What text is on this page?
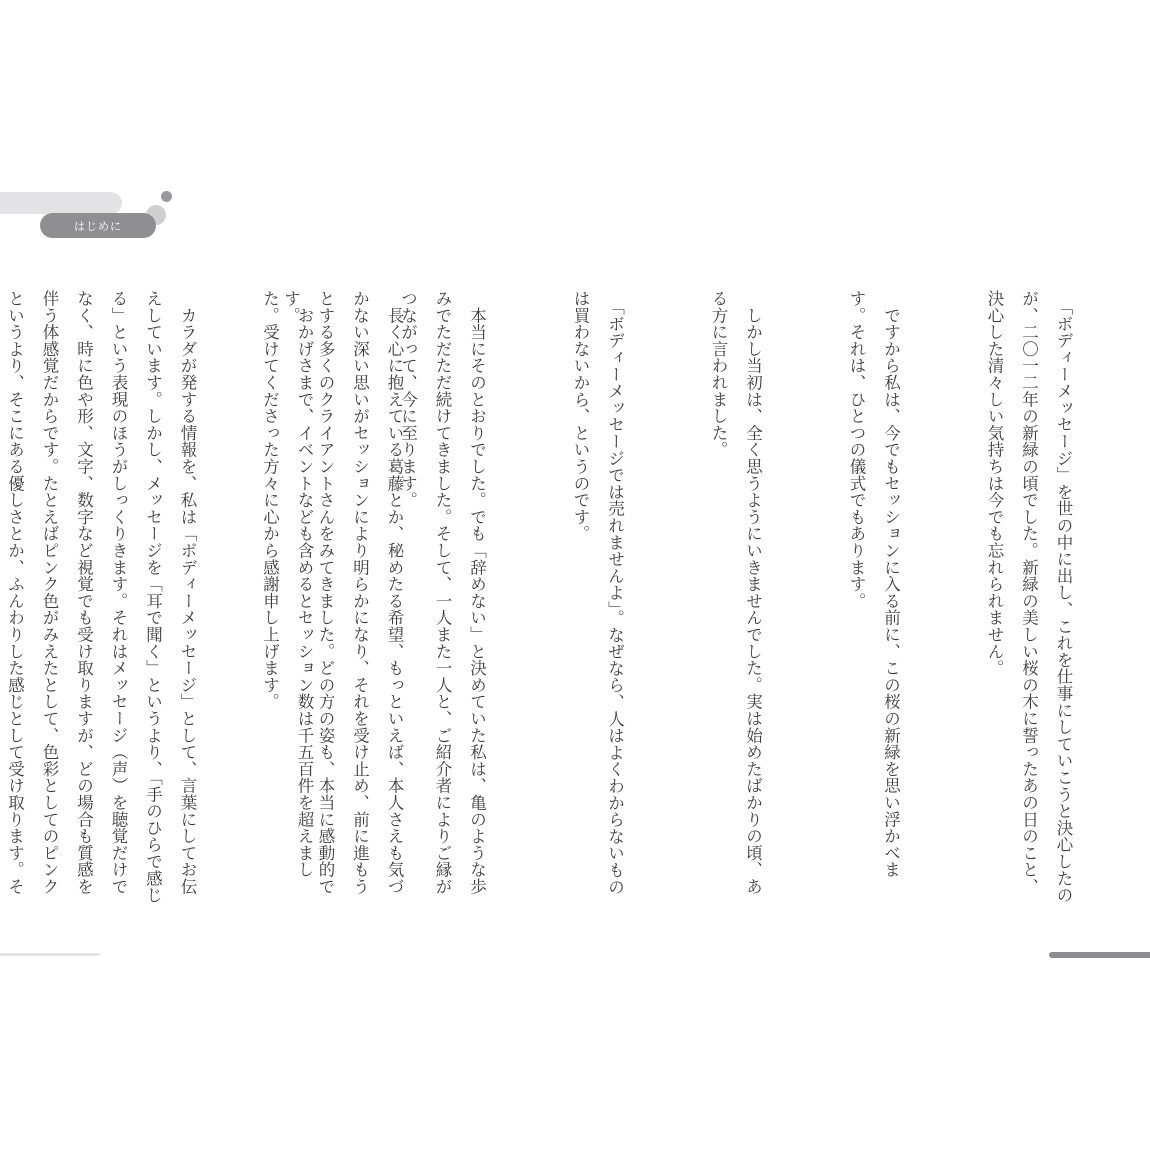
はじめに

　長く心に抱えている葛藤とか、秘めたる希望、もっといえば、本人さえも気づかない深い思いがセッションにより明らかになり、それを受け止め、前に進もうとする多くのクライアントさんをみてきました。どの方の姿も、本当に感動的です。

　カラダが発する情報を、私は「ボディーメッセージ」として、言葉にしてお伝えしています。しかし、メッセージを「耳で聞く」というより、「手のひらで感じる」という表現のほうがしっくりきます。それはメッセージ（声）を聴覚だけでなく、時に色や形、文字、数字など視覚でも受け取りますが、どの場合も質感を伴う体感覚だからです。たとえばピンク色がみえたとして、色彩としてのピンクというより、そこにある優しさとか、ふんわりした感じとして受け取ります。そ

	　「ボディーメッセージ」を世の中に出し、これを仕事にしていこうと決心したのが、二〇一二年の新緑の頃でした。新緑の美しい桜の木に誓ったあの日のこと、決心した清々しい気持ちは今でも忘れられません。

　ですから私は、今でもセッションに入る前に、この桜の新緑を思い浮かべます。それは、ひとつの儀式でもあります。

　しかし当初は、全く思うようにいきませんでした。実は始めたばかりの頃、ある方に言われました。

　「ボディーメッセージでは売れませんよ」。なぜなら、人はよくわからないものは買わないから、というのです。

　本当にそのとおりでした。でも「辞めない」と決めていた私は、亀のような歩みでただただ続けてきました。そして、一人また一人と、ご紹介者によりご縁がつながって、今に至ります。

　おかげさまで、イベントなども含めるとセッション数は千五百件を超えました。受けてくださった方々に心から感謝申し上げます。
